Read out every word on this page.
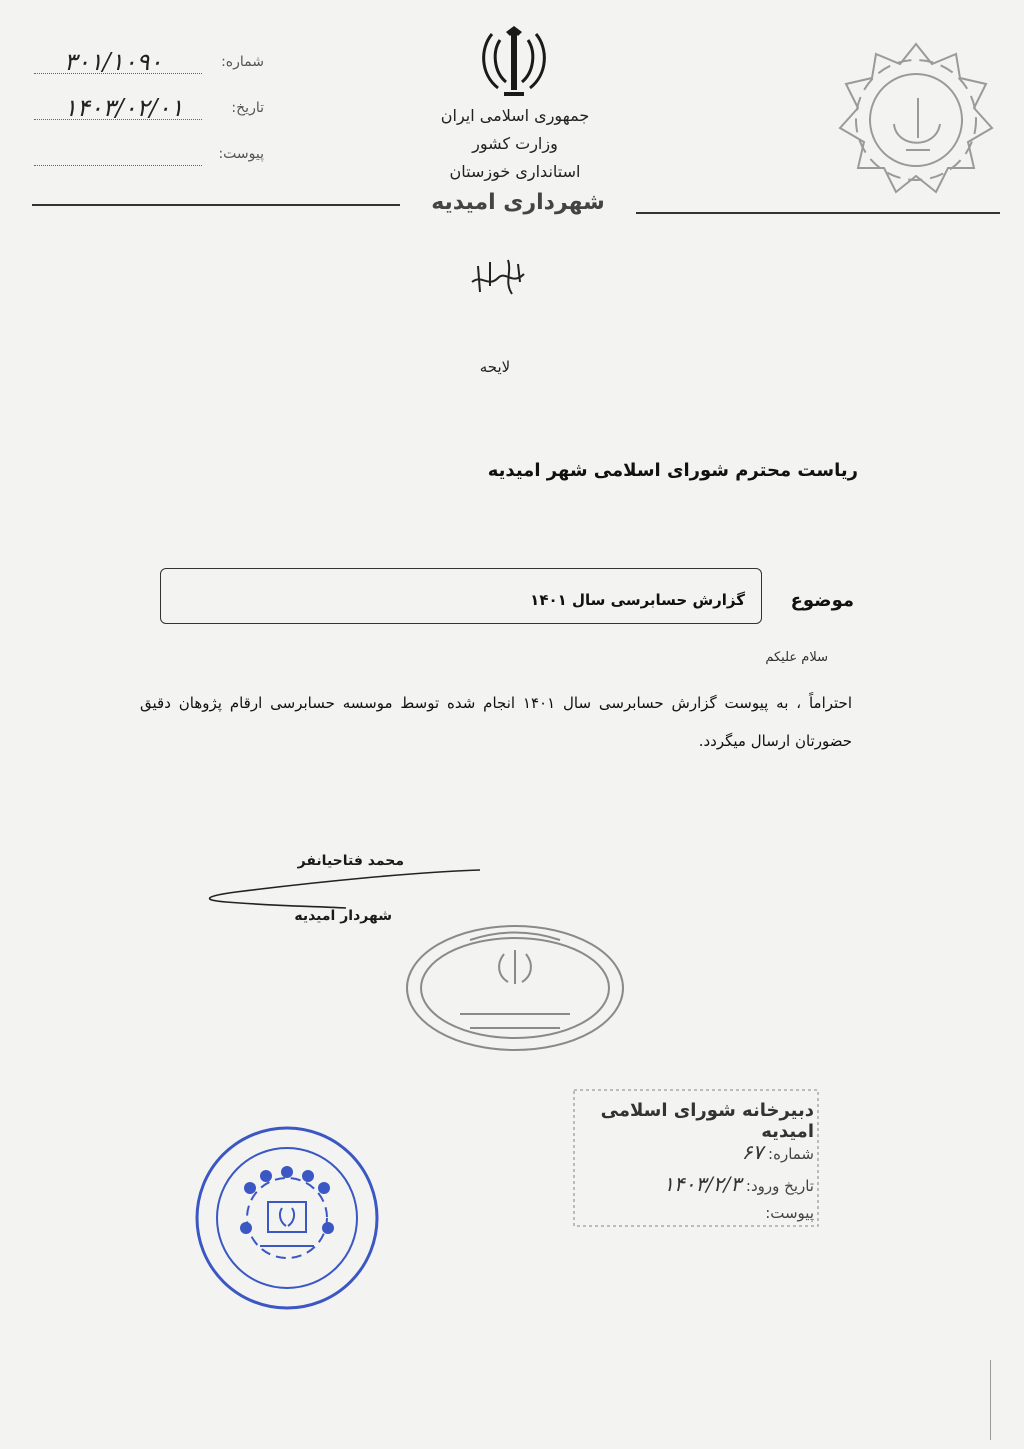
شماره:
۳۰۱/۱۰۹۰
تاریخ:
۱۴۰۳/۰۲/۰۱
پیوست:
جمهوری اسلامی ایران
وزارت کشور
استانداری خوزستان
شهرداری امیدیه
لایحه
ریاست محترم شورای اسلامی شهر امیدیه
موضوع
گزارش حسابرسی سال ۱۴۰۱
سلام علیکم
احتراماً ، به پیوست گزارش حسابرسی سال ۱۴۰۱ انجام شده توسط موسسه حسابرسی ارقام پژوهان دقیق حضورتان ارسال میگردد.
محمد فتاحیانفر
شهردار امیدیه
دبیرخانه شورای اسلامی امیدیه
شماره: ۶۷
تاریخ ورود: ۱۴۰۳/۲/۳
پیوست:
